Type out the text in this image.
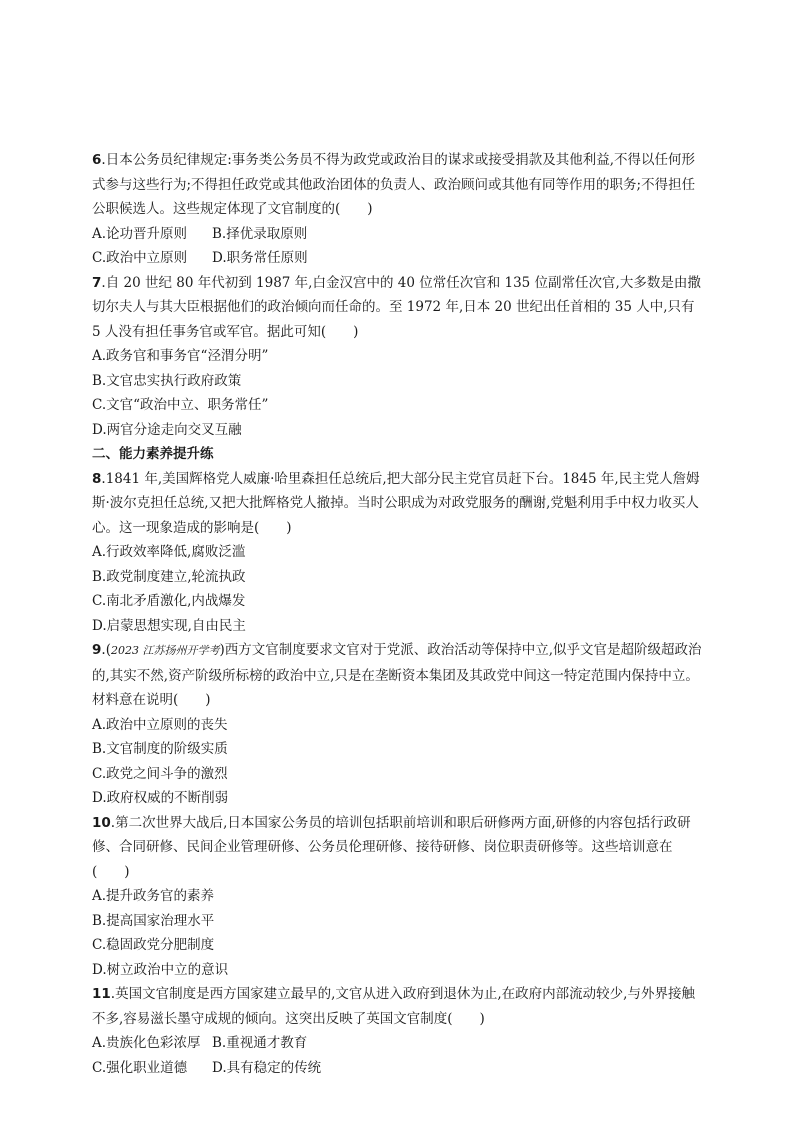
6.日本公务员纪律规定:事务类公务员不得为政党或政治目的谋求或接受捐款及其他利益,不得以任何形式参与这些行为;不得担任政党或其他政治团体的负责人、政治顾问或其他有同等作用的职务;不得担任公职候选人。这些规定体现了文官制度的(　　)

A.论功晋升原则 B.择优录取原则
C.政治中立原则 D.职务常任原则

7.自 20 世纪 80 年代初到 1987 年,白金汉宫中的 40 位常任次官和 135 位副常任次官,大多数是由撒切尔夫人与其大臣根据他们的政治倾向而任命的。至 1972 年,日本 20 世纪出任首相的 35 人中,只有 5 人没有担任事务官或军官。据此可知(　　)

A.政务官和事务官“泾渭分明”

B.文官忠实执行政府政策

C.文官“政治中立、职务常任”

D.两官分途走向交叉互融

二、能力素养提升练

8.1841 年,美国辉格党人威廉·哈里森担任总统后,把大部分民主党官员赶下台。1845 年,民主党人詹姆斯·波尔克担任总统,又把大批辉格党人撤掉。当时公职成为对政党服务的酬谢,党魁利用手中权力收买人心。这一现象造成的影响是(　　)

A.行政效率降低,腐败泛滥

B.政党制度建立,轮流执政

C.南北矛盾激化,内战爆发

D.启蒙思想实现,自由民主

9.(2023 江苏扬州开学考)西方文官制度要求文官对于党派、政治活动等保持中立,似乎文官是超阶级超政治的,其实不然,资产阶级所标榜的政治中立,只是在垄断资本集团及其政党中间这一特定范围内保持中立。材料意在说明(　　)

A.政治中立原则的丧失

B.文官制度的阶级实质

C.政党之间斗争的激烈

D.政府权威的不断削弱

10.第二次世界大战后,日本国家公务员的培训包括职前培训和职后研修两方面,研修的内容包括行政研修、合同研修、民间企业管理研修、公务员伦理研修、接待研修、岗位职责研修等。这些培训意在(　　)

A.提升政务官的素养

B.提高国家治理水平

C.稳固政党分肥制度

D.树立政治中立的意识

11.英国文官制度是西方国家建立最早的,文官从进入政府到退休为止,在政府内部流动较少,与外界接触不多,容易滋长墨守成规的倾向。这突出反映了英国文官制度(　　)

A.贵族化色彩浓厚 B.重视通才教育
C.强化职业道德 D.具有稳定的传统
